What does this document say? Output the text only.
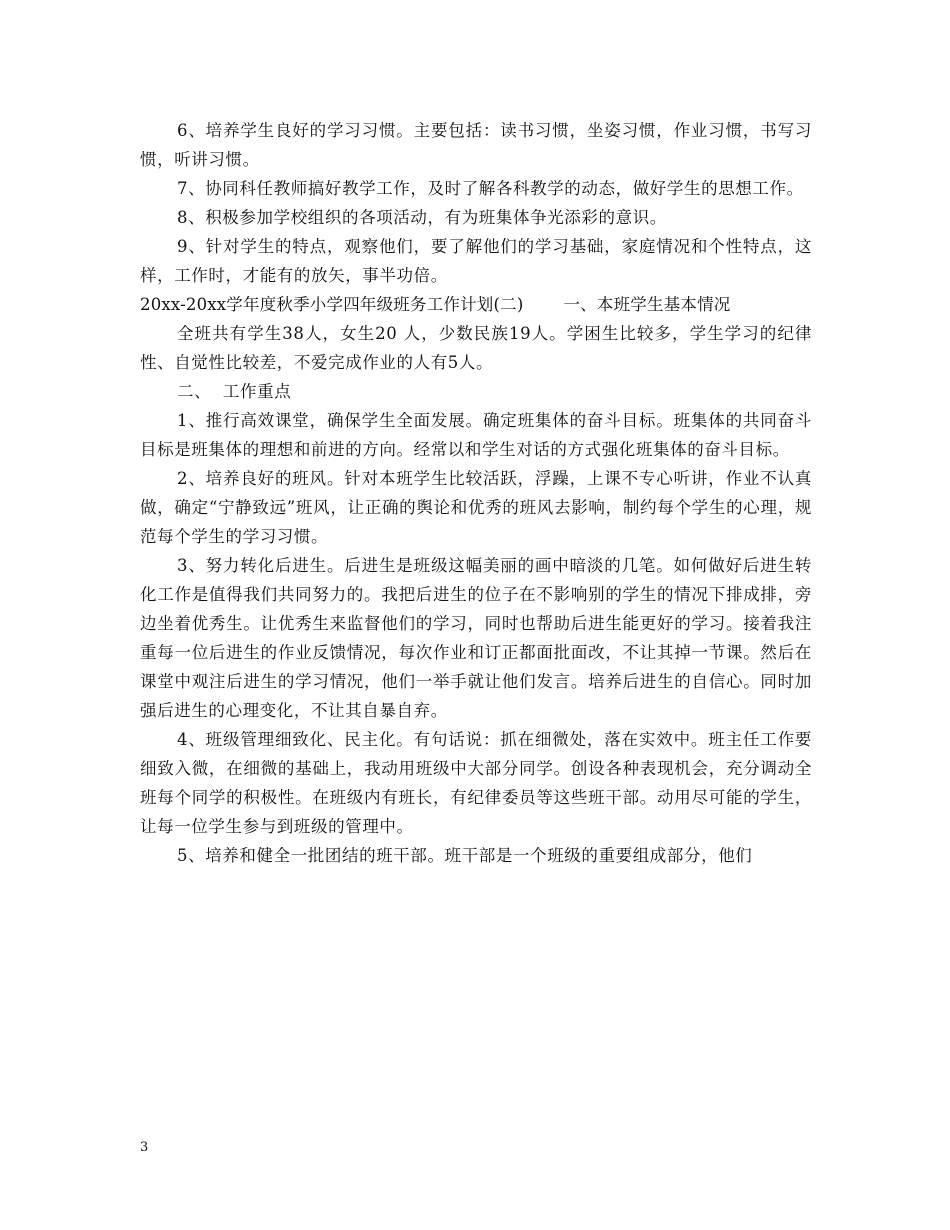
6、培养学生良好的学习习惯。主要包括：读书习惯，坐姿习惯，作业习惯，书写习惯，听讲习惯。

7、协同科任教师搞好教学工作，及时了解各科教学的动态，做好学生的思想工作。

8、积极参加学校组织的各项活动，有为班集体争光添彩的意识。

9、针对学生的特点，观察他们，要了解他们的学习基础，家庭情况和个性特点，这样，工作时，才能有的放矢，事半功倍。

20xx-20xx学年度秋季小学四年级班务工作计划(二) 一、本班学生基本情况

全班共有学生38人，女生20 人，少数民族19人。学困生比较多，学生学习的纪律性、自觉性比较差，不爱完成作业的人有5人。

二、  工作重点

1、推行高效课堂，确保学生全面发展。确定班集体的奋斗目标。班集体的共同奋斗目标是班集体的理想和前进的方向。经常以和学生对话的方式强化班集体的奋斗目标。

2、培养良好的班风。针对本班学生比较活跃，浮躁，上课不专心听讲，作业不认真做，确定“宁静致远”班风，让正确的舆论和优秀的班风去影响，制约每个学生的心理，规范每个学生的学习习惯。

3、努力转化后进生。后进生是班级这幅美丽的画中暗淡的几笔。如何做好后进生转化工作是值得我们共同努力的。我把后进生的位子在不影响别的学生的情况下排成排，旁边坐着优秀生。让优秀生来监督他们的学习，同时也帮助后进生能更好的学习。接着我注重每一位后进生的作业反馈情况，每次作业和订正都面批面改，不让其掉一节课。然后在课堂中观注后进生的学习情况，他们一举手就让他们发言。培养后进生的自信心。同时加强后进生的心理变化，不让其自暴自弃。

4、班级管理细致化、民主化。有句话说：抓在细微处，落在实效中。班主任工作要细致入微，在细微的基础上，我动用班级中大部分同学。创设各种表现机会，充分调动全班每个同学的积极性。在班级内有班长，有纪律委员等这些班干部。动用尽可能的学生，让每一位学生参与到班级的管理中。

5、培养和健全一批团结的班干部。班干部是一个班级的重要组成部分，他们

3
